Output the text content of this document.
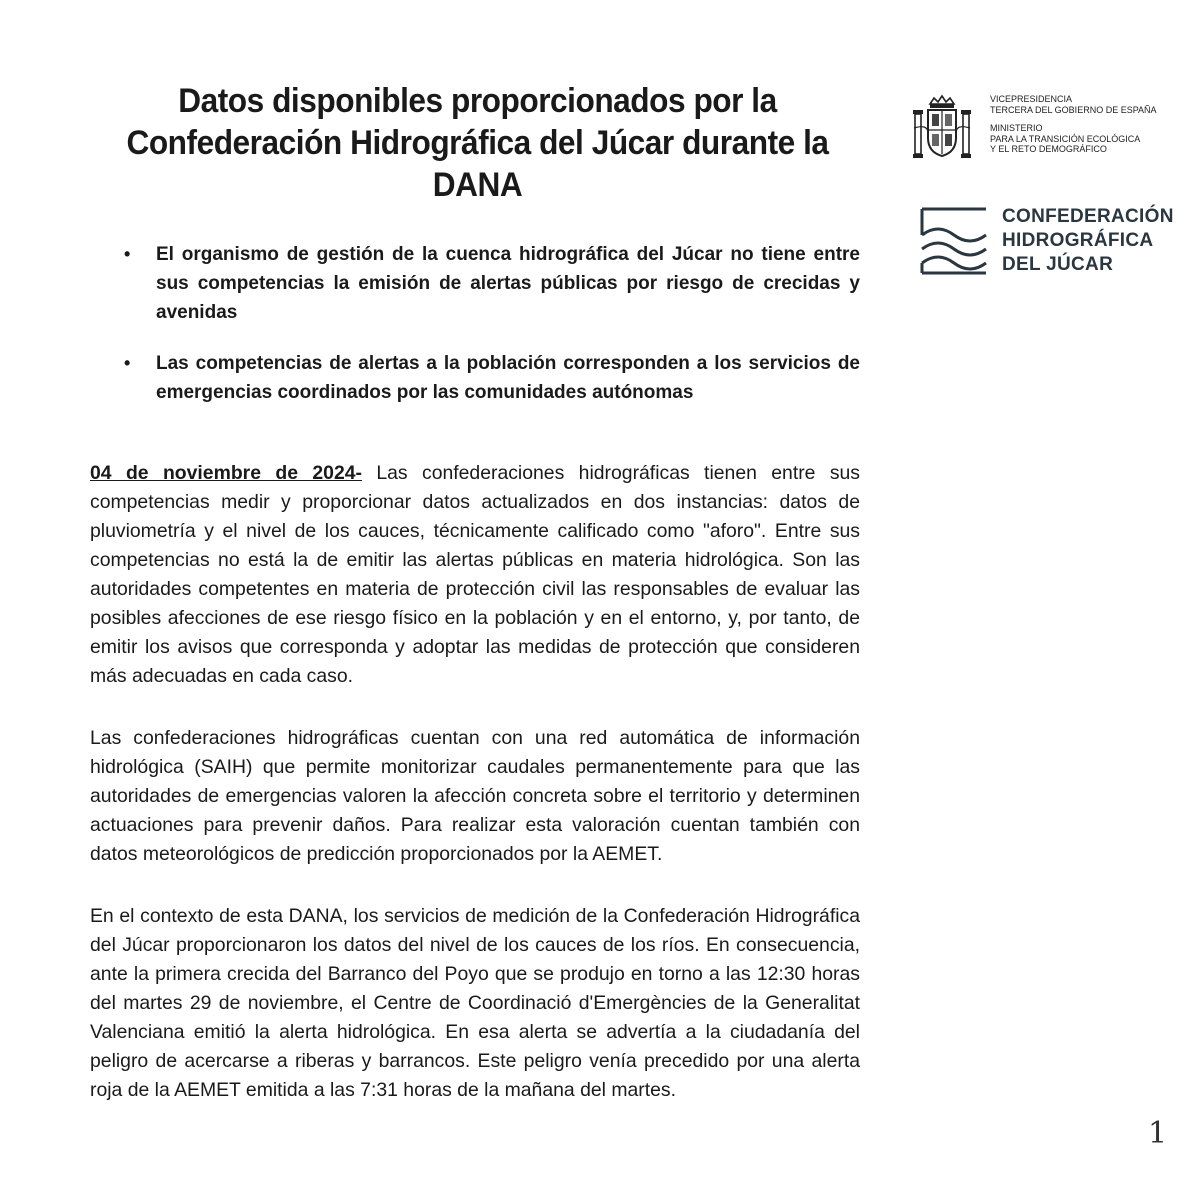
Datos disponibles proporcionados por la Confederación Hidrográfica del Júcar durante la DANA
• El organismo de gestión de la cuenca hidrográfica del Júcar no tiene entre sus competencias la emisión de alertas públicas por riesgo de crecidas y avenidas
• Las competencias de alertas a la población corresponden a los servicios de emergencias coordinados por las comunidades autónomas

04 de noviembre de 2024- Las confederaciones hidrográficas tienen entre sus competencias medir y proporcionar datos actualizados en dos instancias: datos de pluviometría y el nivel de los cauces, técnicamente calificado como "aforo". Entre sus competencias no está la de emitir las alertas públicas en materia hidrológica. Son las autoridades competentes en materia de protección civil las responsables de evaluar las posibles afecciones de ese riesgo físico en la población y en el entorno, y, por tanto, de emitir los avisos que corresponda y adoptar las medidas de protección que consideren más adecuadas en cada caso.

Las confederaciones hidrográficas cuentan con una red automática de información hidrológica (SAIH) que permite monitorizar caudales permanentemente para que las autoridades de emergencias valoren la afección concreta sobre el territorio y determinen actuaciones para prevenir daños. Para realizar esta valoración cuentan también con datos meteorológicos de predicción proporcionados por la AEMET.

En el contexto de esta DANA, los servicios de medición de la Confederación Hidrográfica del Júcar proporcionaron los datos del nivel de los cauces de los ríos. En consecuencia, ante la primera crecida del Barranco del Poyo que se produjo en torno a las 12:30 horas del martes 29 de noviembre, el Centre de Coordinació d'Emergències de la Generalitat Valenciana emitió la alerta hidrológica. En esa alerta se advertía a la ciudadanía del peligro de acercarse a riberas y barrancos. Este peligro venía precedido por una alerta roja de la AEMET emitida a las 7:31 horas de la mañana del martes.

VICEPRESIDENCIA
TERCERA DEL GOBIERNO DE ESPAÑA
MINISTERIO
PARA LA TRANSICIÓN ECOLÓGICA
Y EL RETO DEMOGRÁFICO
CONFEDERACIÓN
HIDROGRÁFICA
DEL JÚCAR
1
